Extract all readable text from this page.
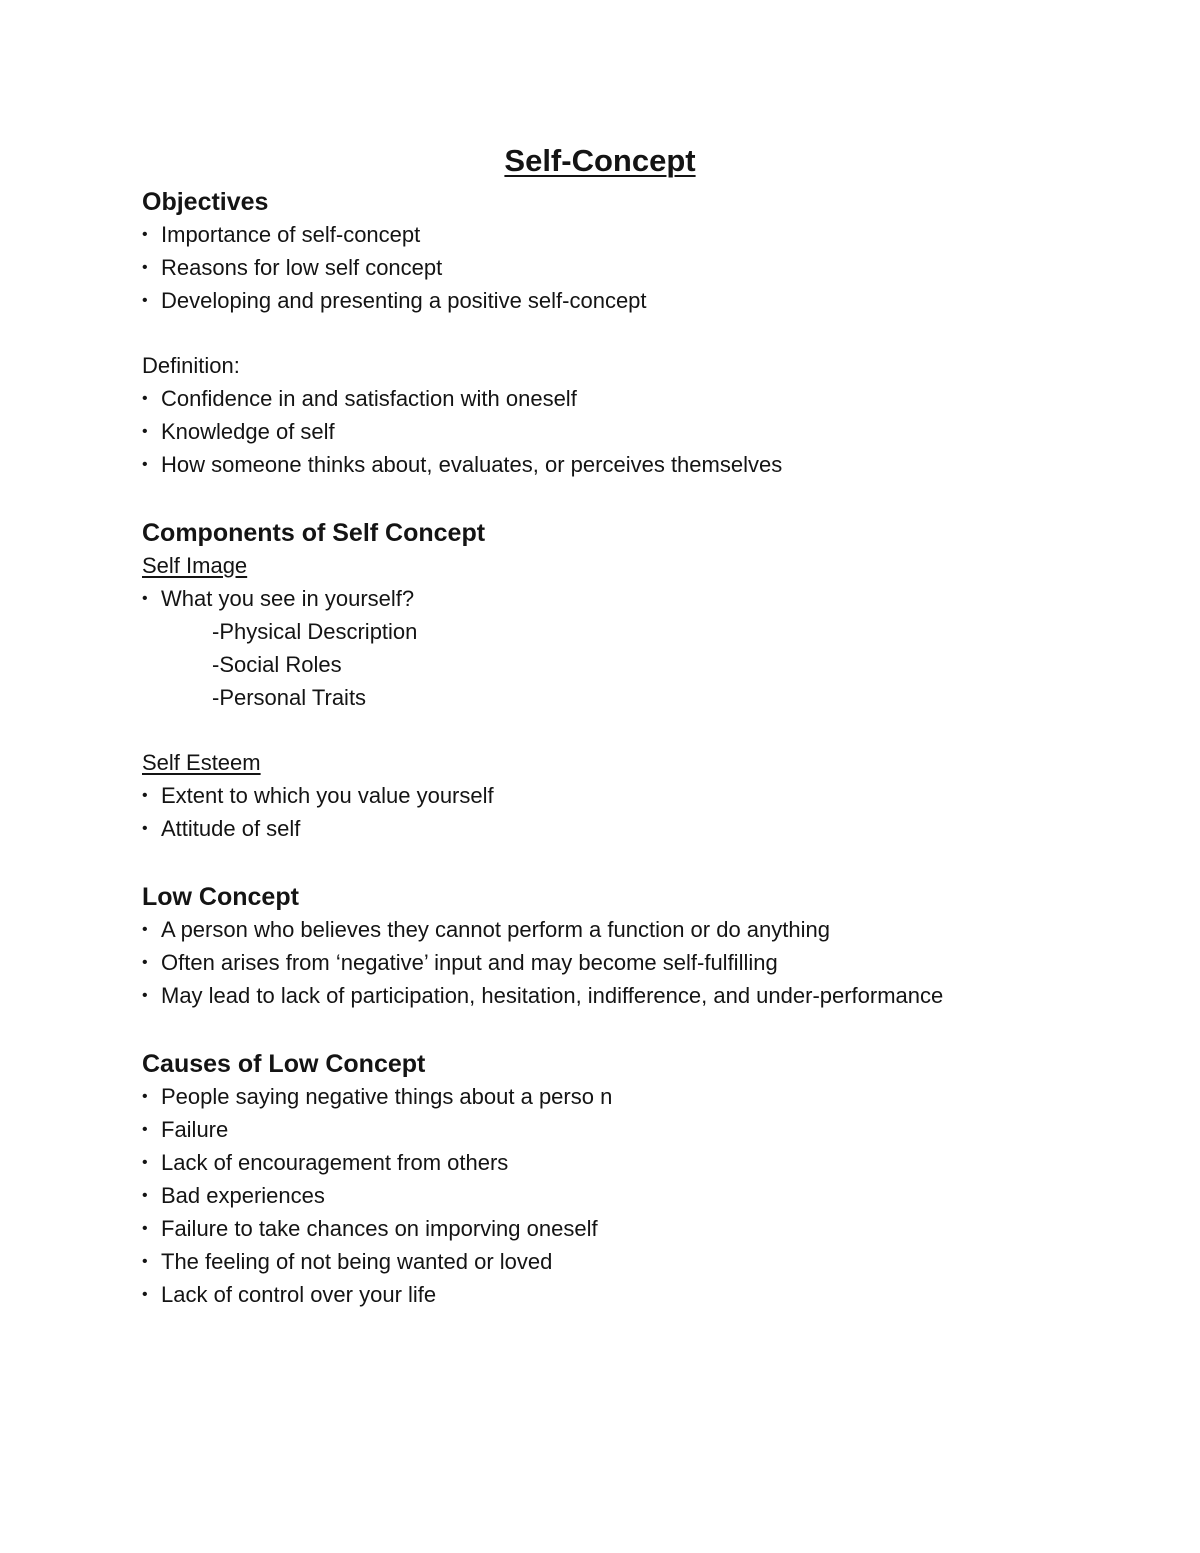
Self-Concept

Objectives

• Importance of self-concept
• Reasons for low self concept
• Developing and presenting a positive self-concept

Definition:

• Confidence in and satisfaction with oneself
• Knowledge of self
• How someone thinks about, evaluates, or perceives themselves

Components of Self Concept

Self Image

• What you see in yourself?
-Physical Description
-Social Roles
-Personal Traits

Self Esteem

• Extent to which you value yourself
• Attitude of self

Low Concept

• A person who believes they cannot perform a function or do anything
• Often arises from ‘negative’ input and may become self-fulfilling
• May lead to lack of participation, hesitation, indifference, and under-performance

Causes of Low Concept

• People saying negative things about a perso n
• Failure
• Lack of encouragement from others
• Bad experiences
• Failure to take chances on imporving oneself
• The feeling of not being wanted or loved
• Lack of control over your life
